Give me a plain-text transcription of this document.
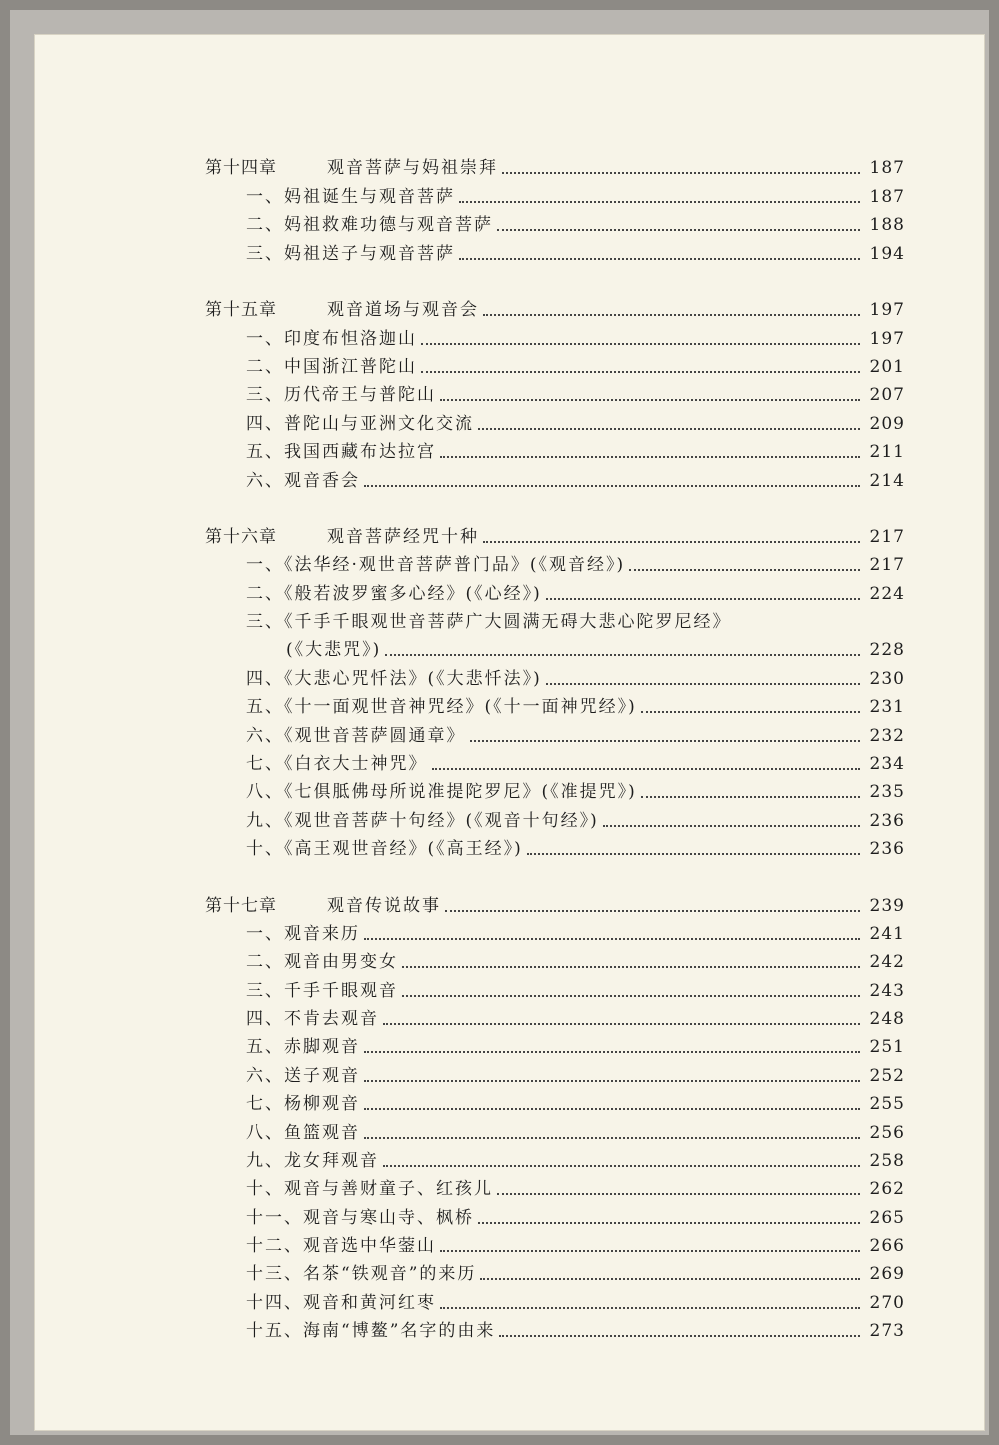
第十四章	观音菩萨与妈祖崇拜	187
一、妈祖诞生与观音菩萨	187
二、妈祖救难功德与观音菩萨	188
三、妈祖送子与观音菩萨	194
第十五章	观音道场与观音会	197
一、印度布怛洛迦山	197
二、中国浙江普陀山	201
三、历代帝王与普陀山	207
四、普陀山与亚洲文化交流	209
五、我国西藏布达拉宫	211
六、观音香会	214
第十六章	观音菩萨经咒十种	217
一、《法华经·观世音菩萨普门品》(《观音经》)	217
二、《般若波罗蜜多心经》(《心经》)	224
三、《千手千眼观世音菩萨广大圆满无碍大悲心陀罗尼经》
(《大悲咒》)	228
四、《大悲心咒忏法》(《大悲忏法》)	230
五、《十一面观世音神咒经》(《十一面神咒经》)	231
六、《观世音菩萨圆通章》	232
七、《白衣大士神咒》	234
八、《七俱胝佛母所说准提陀罗尼》(《准提咒》)	235
九、《观世音菩萨十句经》(《观音十句经》)	236
十、《高王观世音经》(《高王经》)	236
第十七章	观音传说故事	239
一、观音来历	241
二、观音由男变女	242
三、千手千眼观音	243
四、不肯去观音	248
五、赤脚观音	251
六、送子观音	252
七、杨柳观音	255
八、鱼篮观音	256
九、龙女拜观音	258
十、观音与善财童子、红孩儿	262
十一、观音与寒山寺、枫桥	265
十二、观音选中华蓥山	266
十三、名茶“铁观音”的来历	269
十四、观音和黄河红枣	270
十五、海南“博鳌”名字的由来	273
